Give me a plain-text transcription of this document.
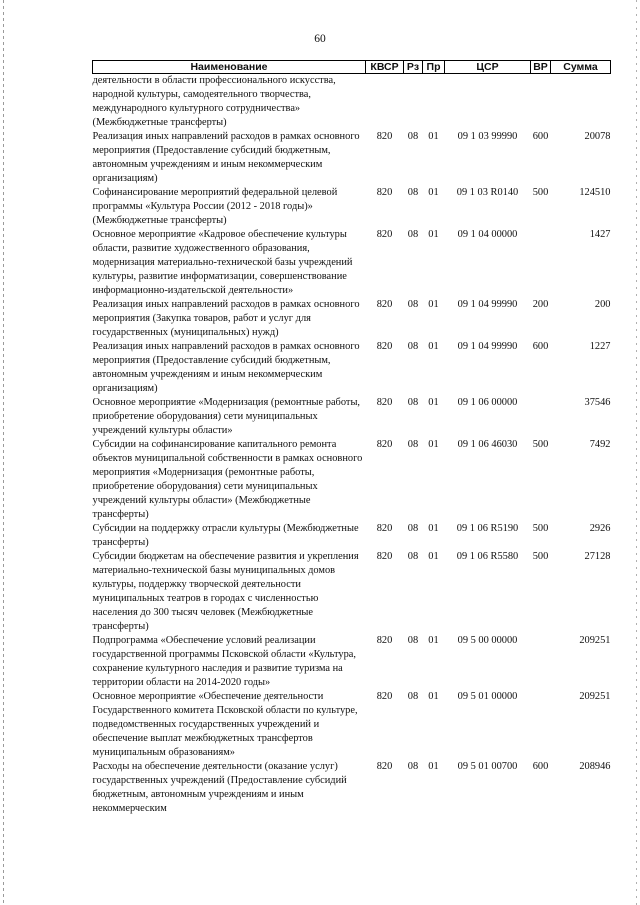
60
Наименование	КВСР	Рз	Пр	ЦСР	ВР	Сумма
деятельности в области профессионального искусства, народной культуры, самодеятельного творчества, международного культурного сотрудничества» (Межбюджетные трансферты)						
Реализация иных направлений расходов в рамках основного мероприятия (Предоставление субсидий бюджетным, автономным учреждениям и иным некоммерческим организациям)	820	08	01	09 1 03 99990	600	20078
Софинансирование мероприятий федеральной целевой программы «Культура России (2012 - 2018 годы)» (Межбюджетные трансферты)	820	08	01	09 1 03 R0140	500	124510
Основное мероприятие «Кадровое обеспечение культуры области, развитие художественного образования, модернизация материально-технической базы учреждений культуры, развитие информатизации, совершенствование информационно-издательской деятельности»	820	08	01	09 1 04 00000		1427
Реализация иных направлений расходов в рамках основного мероприятия (Закупка товаров, работ и услуг для государственных (муниципальных) нужд)	820	08	01	09 1 04 99990	200	200
Реализация иных направлений расходов в рамках основного мероприятия (Предоставление субсидий бюджетным, автономным учреждениям и иным некоммерческим организациям)	820	08	01	09 1 04 99990	600	1227
Основное мероприятие «Модернизация (ремонтные работы, приобретение оборудования) сети муниципальных учреждений культуры области»	820	08	01	09 1 06 00000		37546
Субсидии на софинансирование капитального ремонта объектов муниципальной собственности в рамках основного мероприятия «Модернизация (ремонтные работы, приобретение оборудования) сети муниципальных учреждений культуры области» (Межбюджетные трансферты)	820	08	01	09 1 06 46030	500	7492
Субсидии на поддержку отрасли культуры (Межбюджетные трансферты)	820	08	01	09 1 06 R5190	500	2926
Субсидии бюджетам на обеспечение развития и укрепления материально-технической базы муниципальных домов культуры, поддержку творческой деятельности муниципальных театров в городах с численностью населения до 300 тысяч человек (Межбюджетные трансферты)	820	08	01	09 1 06 R5580	500	27128
Подпрограмма «Обеспечение условий реализации государственной программы Псковской области «Культура, сохранение культурного наследия и развитие туризма на территории области на 2014-2020 годы»	820	08	01	09 5 00 00000		209251
Основное мероприятие «Обеспечение деятельности Государственного комитета Псковской области по культуре, подведомственных государственных учреждений и обеспечение выплат межбюджетных трансфертов муниципальным образованиям»	820	08	01	09 5 01 00000		209251
Расходы на обеспечение деятельности (оказание услуг) государственных учреждений (Предоставление субсидий бюджетным, автономным учреждениям и иным некоммерческим	820	08	01	09 5 01 00700	600	208946
